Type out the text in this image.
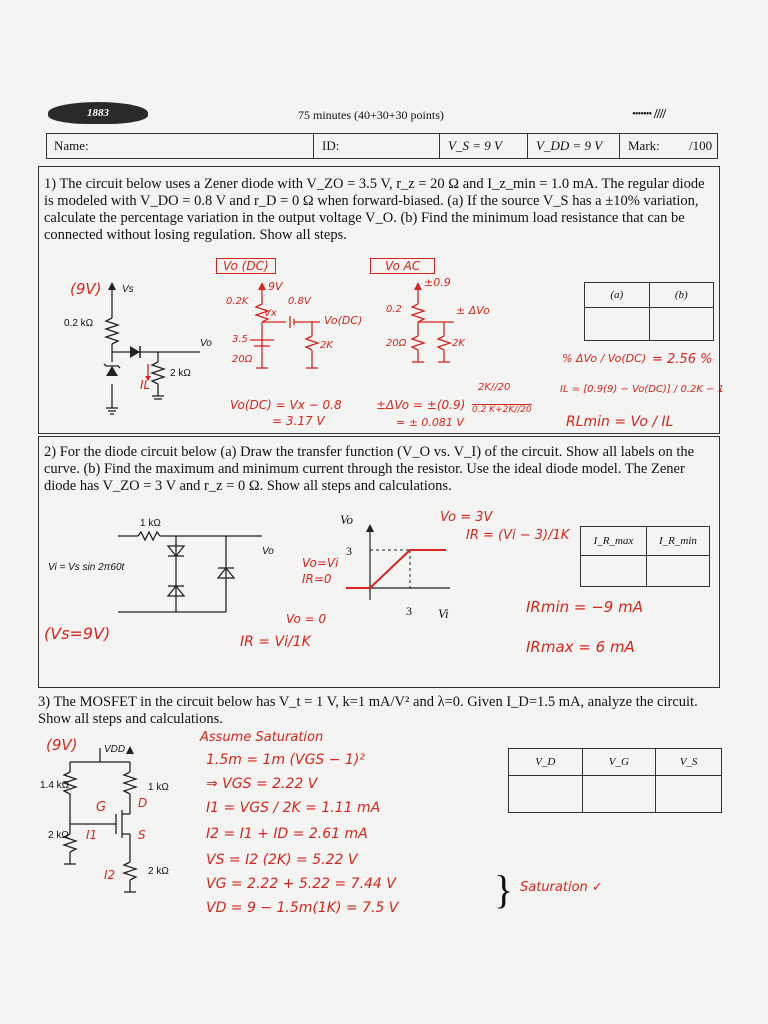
1883	75 minutes (40+30+30 points)	⸱⸱⸱⸱⸱⸱⸱ ////
Name:	ID:	V_S = 9 V	V_DD = 9 V	Mark: /100
1) The circuit below uses a Zener diode with V_ZO = 3.5 V, r_z = 20 Ω and I_z_min = 1.0 mA. The regular diode is modeled with V_DO = 0.8 V and r_D = 0 Ω when forward-biased. (a) If the source V_S has a ±10% variation, calculate the percentage variation in the output voltage V_O. (b) Find the minimum load resistance that can be connected without losing regulation. Show all steps.
(a)	(b)

Vs
(9V)
0.2 kΩ
Vo
2 kΩ
IL
Vo (DC)	Vo AC
9V
0.2K	0.8V
Vx
3.5
20Ω
2K
Vo(DC)
±0.9
0.2	± ΔVo
20Ω	2K
Vo(DC) = Vx − 0.8
= 3.17 V
±ΔVo = ±(0.9)
2K//20
0.2 K+2K//20
= ± 0.081 V
% ΔVo / Vo(DC) = 2.56 %
IL = [0.9(9) − Vo(DC)] / 0.2K − 1
RLmin = Vo / IL
2) For the diode circuit below (a) Draw the transfer function (V_O vs. V_I) of the circuit. Show all labels on the curve. (b) Find the maximum and minimum current through the resistor. Use the ideal diode model. The Zener diode has V_ZO = 3 V and r_z = 0 Ω. Show all steps and calculations.
I_R_max	I_R_min

1 kΩ
Vo
Vi = Vs sin 2π60t
(Vs=9V)
Vo
Vi
3
3
Vo = 3V
IR = (Vi − 3)/1K
Vo=Vi
IR=0
Vo = 0
IR = Vi/1K
IRmin = −9 mA
IRmax = 6 mA
3) The MOSFET in the circuit below has V_t = 1 V, k=1 mA/V² and λ=0. Given I_D=1.5 mA, analyze the circuit. Show all steps and calculations.
V_D	V_G	V_S

(9V)	VDD
1.4 kΩ	1 kΩ
2 kΩ
2 kΩ
G	D
S
I1
I2
Assume Saturation
1.5m = 1m (VGS − 1)²
⇒ VGS = 2.22 V
I1 = VGS / 2K = 1.11 mA
I2 = I1 + ID = 2.61 mA
VS = I2 (2K) = 5.22 V
VG = 2.22 + 5.22 = 7.44 V
VD = 9 − 1.5m(1K) = 7.5 V } Saturation ✓
